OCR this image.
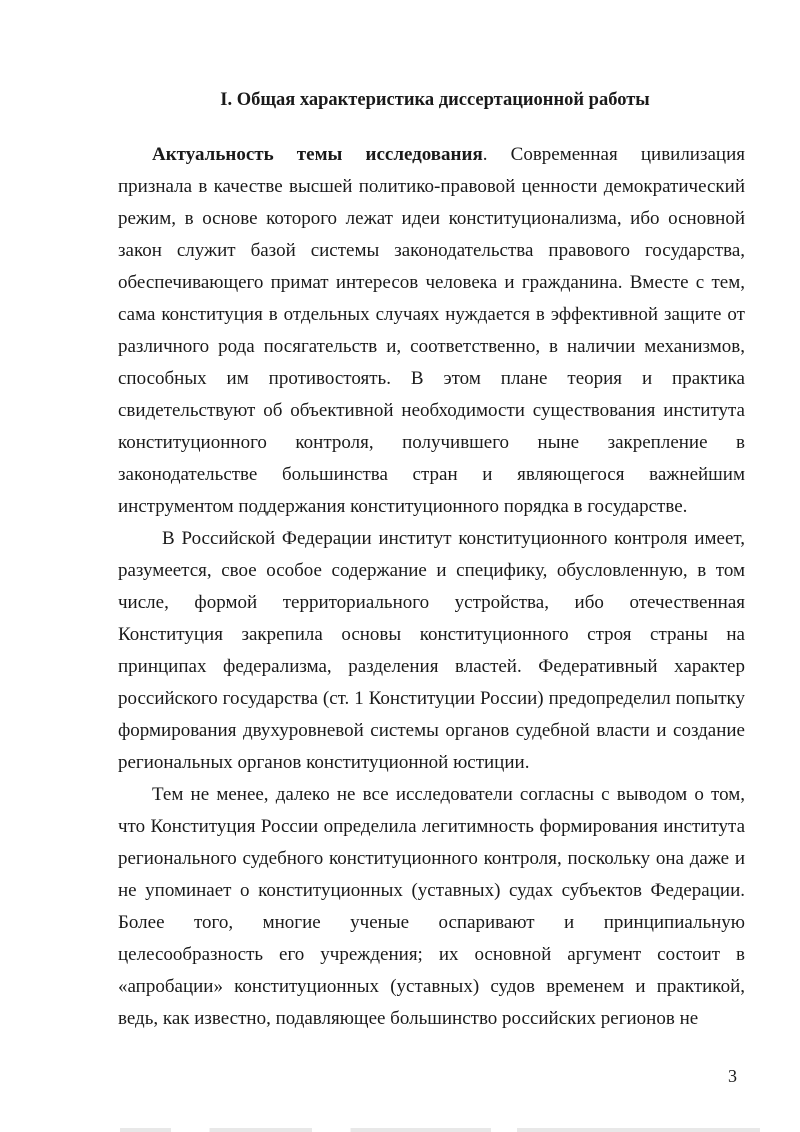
I. Общая характеристика диссертационной работы

Актуальность темы исследования. Современная цивилизация признала в качестве высшей политико-правовой ценности демократический режим, в основе которого лежат идеи конституционализма, ибо основной закон служит базой системы законодательства правового государства, обеспечивающего примат интересов человека и гражданина. Вместе с тем, сама конституция в отдельных случаях нуждается в эффективной защите от различного рода посягательств и, соответственно, в наличии механизмов, способных им противостоять. В этом плане теория и практика свидетельствуют об объективной необходимости существования института конституционного контроля, получившего ныне закрепление в законодательстве большинства стран и являющегося важнейшим инструментом поддержания конституционного порядка в государстве.

В Российской Федерации институт конституционного контроля имеет, разумеется, свое особое содержание и специфику, обусловленную, в том числе, формой территориального устройства, ибо отечественная Конституция закрепила основы конституционного строя страны на принципах федерализма, разделения властей. Федеративный характер российского государства (ст. 1 Конституции России) предопределил попытку формирования двухуровневой системы органов судебной власти и создание региональных органов конституционной юстиции.

Тем не менее, далеко не все исследователи согласны с выводом о том, что Конституция России определила легитимность формирования института регионального судебного конституционного контроля, поскольку она даже и не упоминает о конституционных (уставных) судах субъектов Федерации. Более того, многие ученые оспаривают и принципиальную целесообразность его учреждения; их основной аргумент состоит в «апробации» конституционных (уставных) судов временем и практикой, ведь, как известно, подавляющее большинство российских регионов не

3
